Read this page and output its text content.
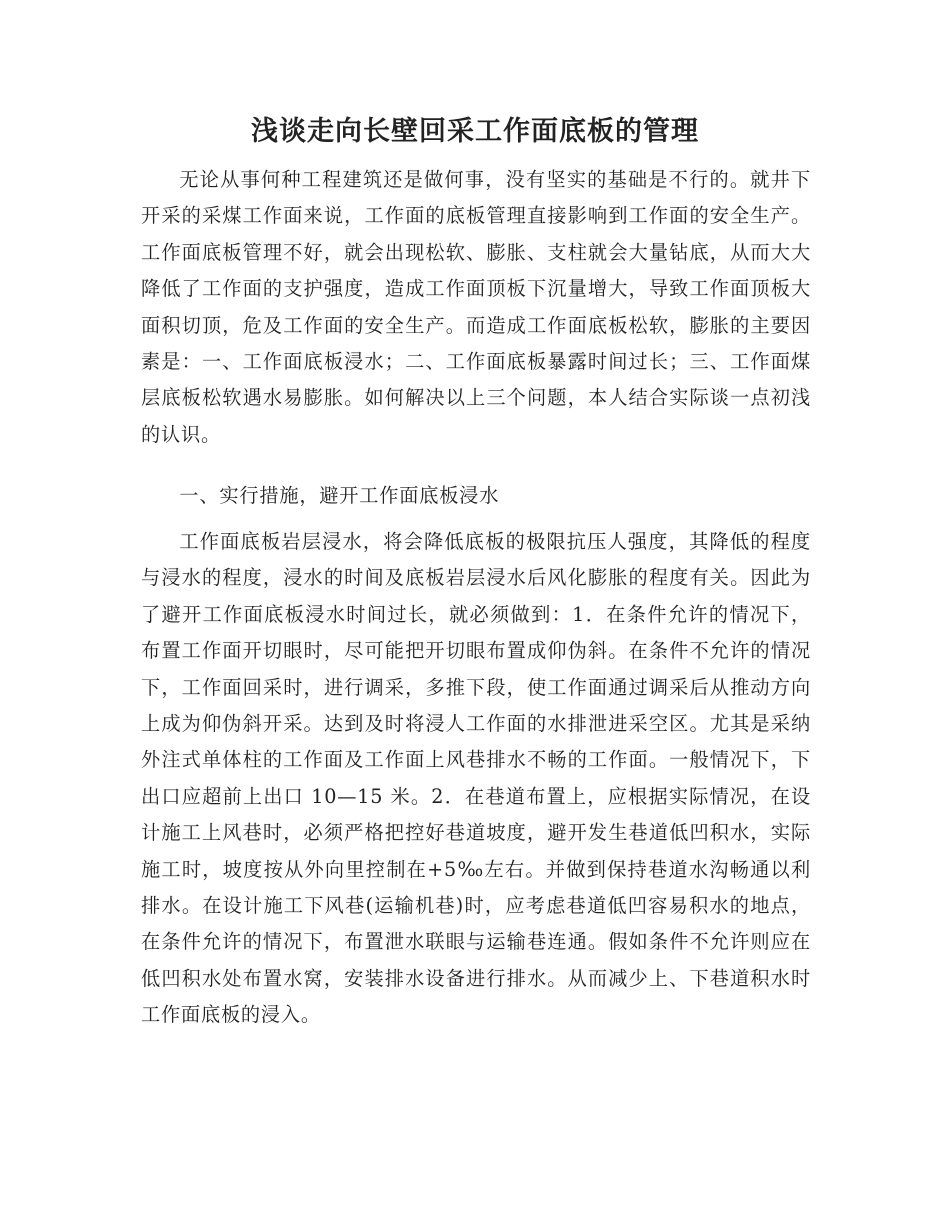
浅谈走向长壁回采工作面底板的管理

无论从事何种工程建筑还是做何事，没有坚实的基础是不行的。就井下开采的采煤工作面来说，工作面的底板管理直接影响到工作面的安全生产。工作面底板管理不好，就会出现松软、膨胀、支柱就会大量钻底，从而大大降低了工作面的支护强度，造成工作面顶板下沉量增大，导致工作面顶板大面积切顶，危及工作面的安全生产。而造成工作面底板松软，膨胀的主要因素是：一、工作面底板浸水；二、工作面底板暴露时间过长；三、工作面煤层底板松软遇水易膨胀。如何解决以上三个问题，本人结合实际谈一点初浅的认识。

一、实行措施，避开工作面底板浸水

工作面底板岩层浸水，将会降低底板的极限抗压人强度，其降低的程度与浸水的程度，浸水的时间及底板岩层浸水后风化膨胀的程度有关。因此为了避开工作面底板浸水时间过长，就必须做到：1．在条件允许的情况下，布置工作面开切眼时，尽可能把开切眼布置成仰伪斜。在条件不允许的情况下，工作面回采时，进行调采，多推下段，使工作面通过调采后从推动方向上成为仰伪斜开采。达到及时将浸人工作面的水排泄进采空区。尤其是采纳外注式单体柱的工作面及工作面上风巷排水不畅的工作面。一般情况下，下出口应超前上出口 10—15 米。2．在巷道布置上，应根据实际情况，在设计施工上风巷时，必须严格把控好巷道坡度，避开发生巷道低凹积水，实际施工时，坡度按从外向里控制在+5‰左右。并做到保持巷道水沟畅通以利排水。在设计施工下风巷(运输机巷)时，应考虑巷道低凹容易积水的地点，在条件允许的情况下，布置泄水联眼与运输巷连通。假如条件不允许则应在低凹积水处布置水窝，安装排水设备进行排水。从而减少上、下巷道积水时工作面底板的浸入。
